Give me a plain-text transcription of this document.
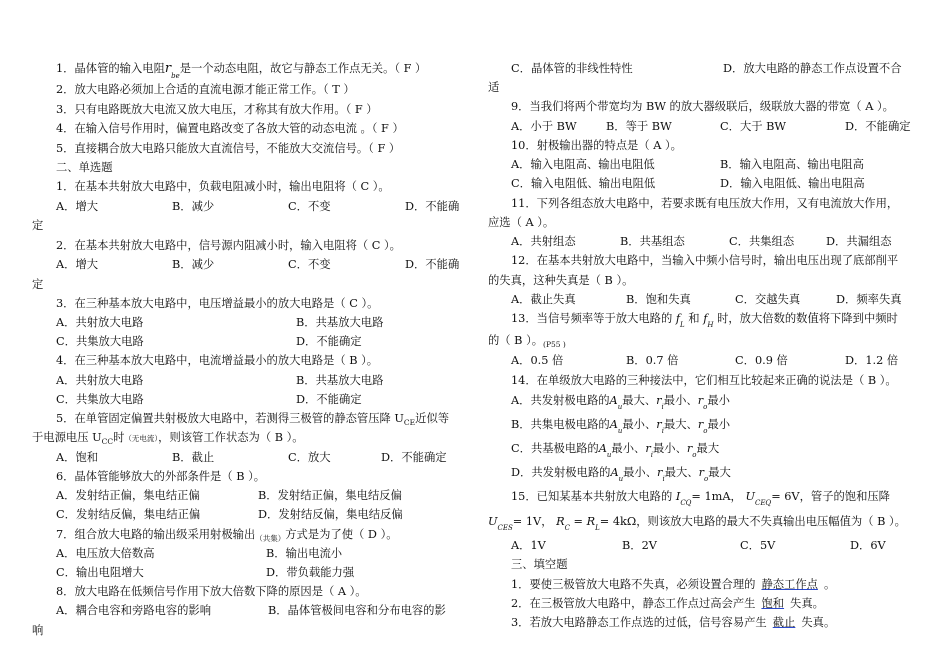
1．晶体管的输入电阻$r_{be}$是一个动态电阻，故它与静态工作点无关。（ F ）
2．放大电路必须加上合适的直流电源才能正常工作。（ T ）
3．只有电路既放大电流又放大电压，才称其有放大作用。（ F ）
4．在输入信号作用时，偏置电路改变了各放大管的动态电流 。（ F ）
5．直接耦合放大电路只能放大直流信号，不能放大交流信号。（ F ）
二、单选题
1．在基本共射放大电路中，负载电阻减小时，输出电阻将（ C ）。
A．增大	B．减少	C．不变	D．不能确
定
2．在基本共射放大电路中，信号源内阻减小时，输入电阻将（ C ）。
A．增大	B．减少	C．不变	D．不能确
定
3．在三种基本放大电路中，电压增益最小的放大电路是（ C ）。
A．共射放大电路	B．共基放大电路
C．共集放大电路	D．不能确定
4．在三种基本放大电路中，电流增益最小的放大电路是（ B ）。
A．共射放大电路	B．共基放大电路
C．共集放大电路	D．不能确定
5．在单管固定偏置共射极放大电路中，若测得三极管的静态管压降 $U_{CE}$近似等
于电源电压 $U_{CC}$时（无电流），则该管工作状态为（ B ）。
A．饱和	B．截止	C．放大	D．不能确定
6．晶体管能够放大的外部条件是（ B ）。
A．发射结正偏，集电结正偏	B．发射结正偏，集电结反偏
C．发射结反偏，集电结正偏	D．发射结反偏，集电结反偏
7．组合放大电路的输出级采用射极输出$_{(共集)}$方式是为了使（ D ）。
A．电压放大倍数高	B．输出电流小
C．输出电阻增大	D．带负载能力强
8．放大电路在低频信号作用下放大倍数下降的原因是（ A ）。
A．耦合电容和旁路电容的影响	B．晶体管极间电容和分布电容的影
响
C．晶体管的非线性特性	D．放大电路的静态工作点设置不合
适
9．当我们将两个带宽均为 BW 的放大器级联后，级联放大器的带宽（ A ）。
A．小于 BW	B．等于 BW	C．大于 BW	D．不能确定
10．射极输出器的特点是（ A ）。
A．输入电阻高、输出电阻低	B．输入电阻高、输出电阻高
C．输入电阻低、输出电阻低	D．输入电阻低、输出电阻高
11．下列各组态放大电路中，若要求既有电压放大作用，又有电流放大作用，
应选（ A ）。
A．共射组态	B．共基组态	C．共集组态	D．共漏组态
12．在基本共射放大电路中，当输入中频小信号时，输出电压出现了底部削平
的失真，这种失真是（ B ）。
A．截止失真	B．饱和失真	C．交越失真	D．频率失真
13．当信号频率等于放大电路的 $f_L$ 和 $f_H$ 时，放大倍数的数值将下降到中频时
的（ B ）。$_{(P55 )}$
A．0.5 倍	B．0.7 倍	C．0.9 倍	D．1.2 倍
14．在单级放大电路的三种接法中，它们相互比较起来正确的说法是（ B ）。
A．共发射极电路的$A_u$最大、$r_i$最小、$r_o$最小
B．共集电极电路的$A_u$最小、$r_i$最大、$r_o$最小
C．共基极电路的$A_u$最小、$r_i$最小、$r_o$最大
D．共发射极电路的$A_u$最小、$r_i$最大、$r_o$最大
15．已知某基本共射放大电路的 $I_{CQ}= 1mA$， $U_{CEQ}= 6V$，管子的饱和压降
$U_{CES}= 1V$， $R_C = R_L= 4k\Omega$，则该放大电路的最大不失真输出电压幅值为（ B ）。
A．1V	B．2V	C．5V	D．6V
三、填空题
1．要使三极管放大电路不失真，必须设置合理的 静态工作点 。
2．在三极管放大电路中，静态工作点过高会产生 饱和 失真。
3．若放大电路静态工作点选的过低，信号容易产生 截止 失真。
